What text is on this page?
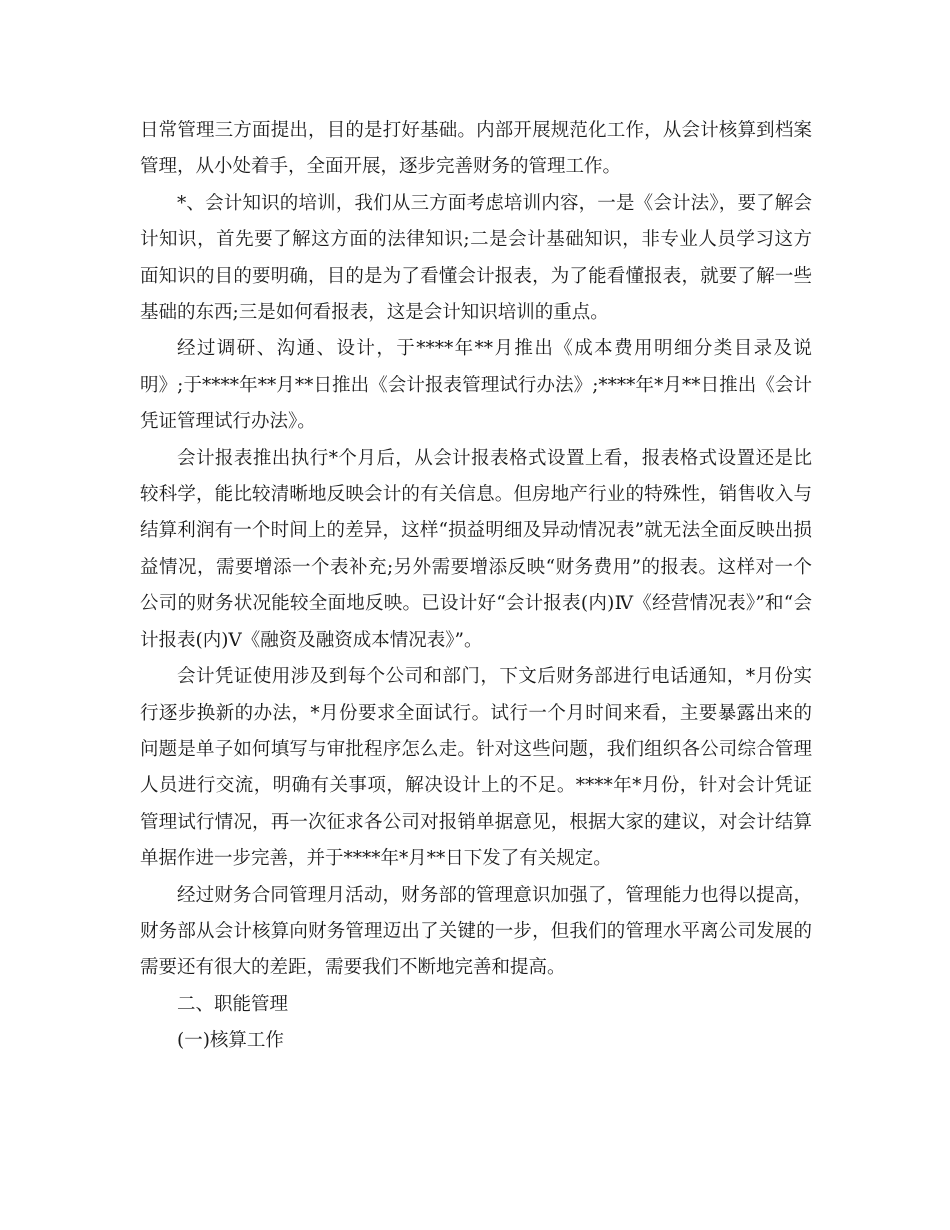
日常管理三方面提出，目的是打好基础。内部开展规范化工作，从会计核算到档案管理，从小处着手，全面开展，逐步完善财务的管理工作。

*、会计知识的培训，我们从三方面考虑培训内容，一是《会计法》，要了解会计知识，首先要了解这方面的法律知识;二是会计基础知识，非专业人员学习这方面知识的目的要明确，目的是为了看懂会计报表，为了能看懂报表，就要了解一些基础的东西;三是如何看报表，这是会计知识培训的重点。

经过调研、沟通、设计，于****年**月推出《成本费用明细分类目录及说明》;于****年**月**日推出《会计报表管理试行办法》;****年*月**日推出《会计凭证管理试行办法》。

会计报表推出执行*个月后，从会计报表格式设置上看，报表格式设置还是比较科学，能比较清晰地反映会计的有关信息。但房地产行业的特殊性，销售收入与结算利润有一个时间上的差异，这样“损益明细及异动情况表”就无法全面反映出损益情况，需要增添一个表补充;另外需要增添反映“财务费用”的报表。这样对一个公司的财务状况能较全面地反映。已设计好“会计报表(内)Ⅳ《经营情况表》”和“会计报表(内)Ⅴ《融资及融资成本情况表》”。

会计凭证使用涉及到每个公司和部门，下文后财务部进行电话通知，*月份实行逐步换新的办法，*月份要求全面试行。试行一个月时间来看，主要暴露出来的问题是单子如何填写与审批程序怎么走。针对这些问题，我们组织各公司综合管理人员进行交流，明确有关事项，解决设计上的不足。****年*月份，针对会计凭证管理试行情况，再一次征求各公司对报销单据意见，根据大家的建议，对会计结算单据作进一步完善，并于****年*月**日下发了有关规定。

经过财务合同管理月活动，财务部的管理意识加强了，管理能力也得以提高，财务部从会计核算向财务管理迈出了关键的一步，但我们的管理水平离公司发展的需要还有很大的差距，需要我们不断地完善和提高。

二、职能管理

(一)核算工作
